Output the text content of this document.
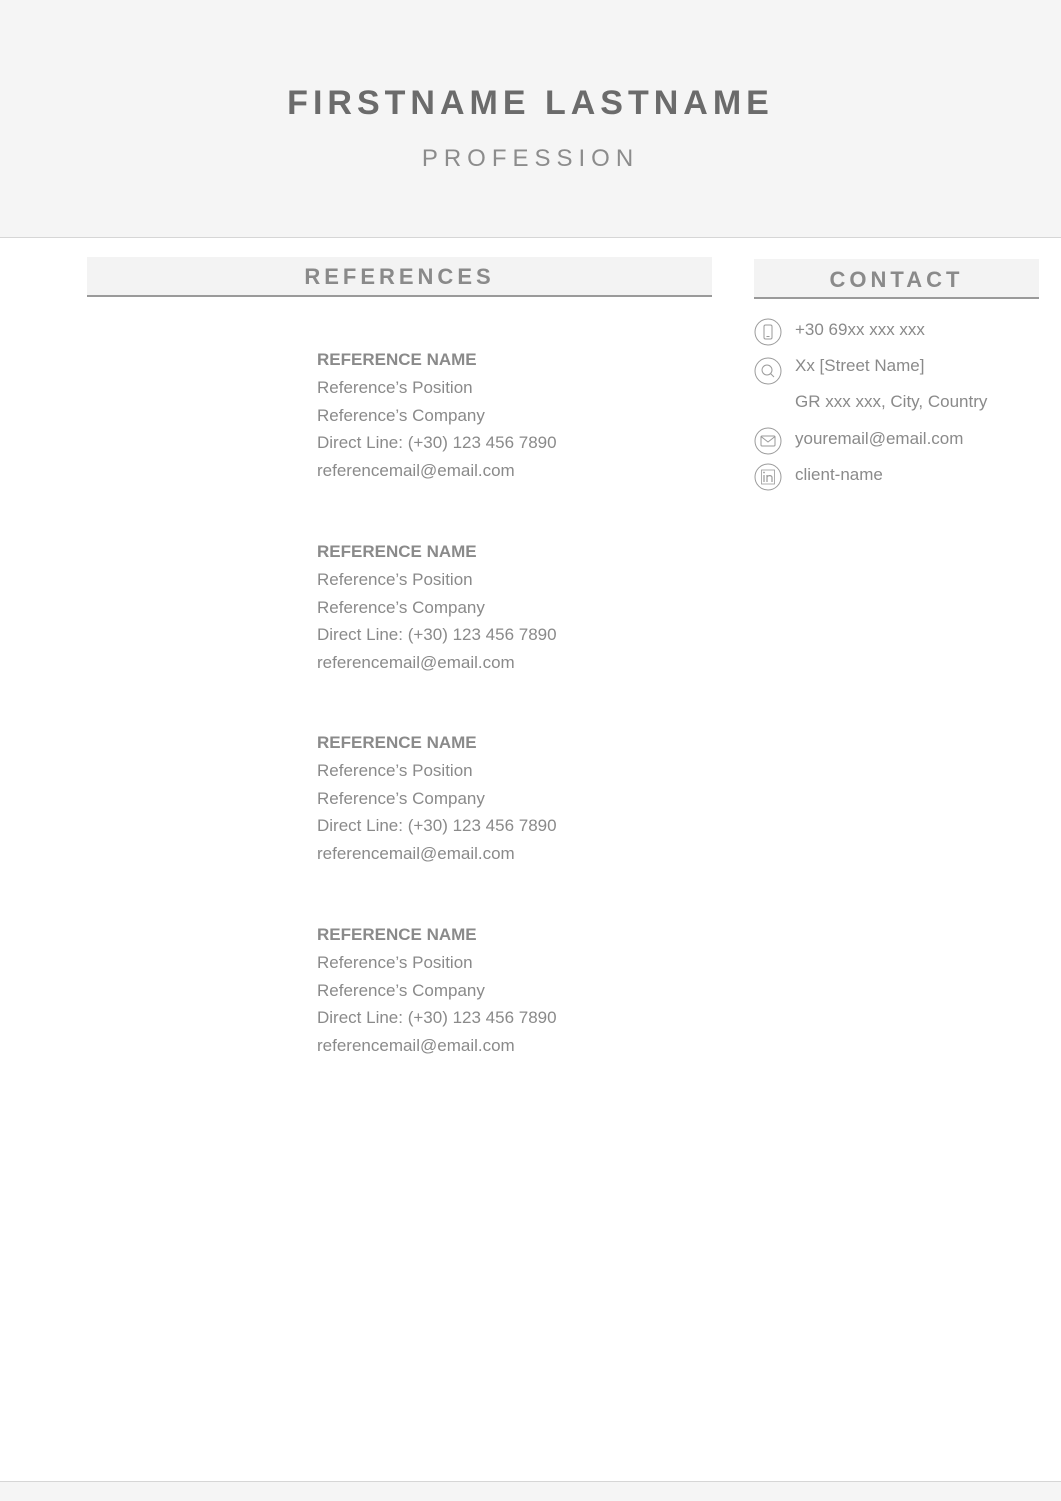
FIRSTNAME LASTNAME
PROFESSION
REFERENCES
REFERENCE NAME
Reference’s Position
Reference’s Company
Direct Line: (+30) 123 456 7890
referencemail@email.com
REFERENCE NAME
Reference’s Position
Reference’s Company
Direct Line: (+30) 123 456 7890
referencemail@email.com
REFERENCE NAME
Reference’s Position
Reference’s Company
Direct Line: (+30) 123 456 7890
referencemail@email.com
REFERENCE NAME
Reference’s Position
Reference’s Company
Direct Line: (+30) 123 456 7890
referencemail@email.com
CONTACT
+30 69xx xxx xxx
Xx [Street Name]
GR xxx xxx, City, Country
youremail@email.com
client-name
